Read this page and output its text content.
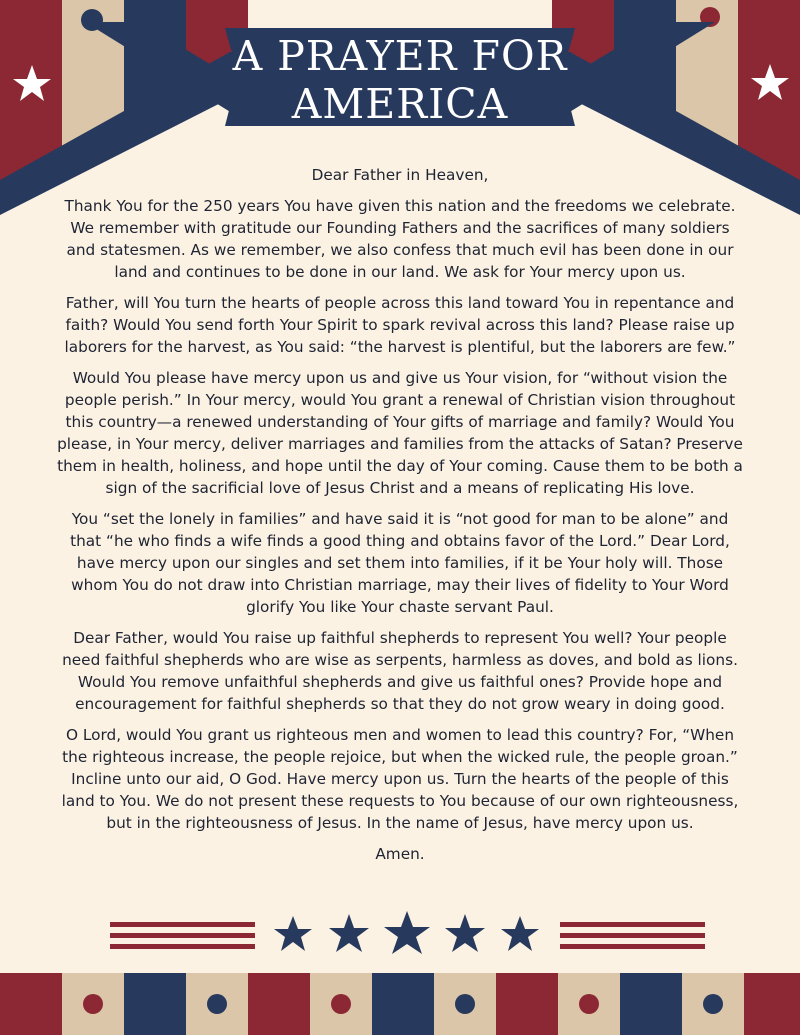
A PRAYER FOR
AMERICA

Dear Father in Heaven,

Thank You for the 250 years You have given this nation and the freedoms we celebrate. We remember with gratitude our Founding Fathers and the sacrifices of many soldiers and statesmen. As we remember, we also confess that much evil has been done in our land and continues to be done in our land. We ask for Your mercy upon us.

Father, will You turn the hearts of people across this land toward You in repentance and faith? Would You send forth Your Spirit to spark revival across this land? Please raise up laborers for the harvest, as You said: “the harvest is plentiful, but the laborers are few.”

Would You please have mercy upon us and give us Your vision, for “without vision the people perish.” In Your mercy, would You grant a renewal of Christian vision throughout this country—a renewed understanding of Your gifts of marriage and family? Would You please, in Your mercy, deliver marriages and families from the attacks of Satan? Preserve them in health, holiness, and hope until the day of Your coming. Cause them to be both a sign of the sacrificial love of Jesus Christ and a means of replicating His love.

You “set the lonely in families” and have said it is “not good for man to be alone” and that “he who finds a wife finds a good thing and obtains favor of the Lord.” Dear Lord, have mercy upon our singles and set them into families, if it be Your holy will. Those whom You do not draw into Christian marriage, may their lives of fidelity to Your Word glorify You like Your chaste servant Paul.

Dear Father, would You raise up faithful shepherds to represent You well? Your people need faithful shepherds who are wise as serpents, harmless as doves, and bold as lions. Would You remove unfaithful shepherds and give us faithful ones? Provide hope and encouragement for faithful shepherds so that they do not grow weary in doing good.

O Lord, would You grant us righteous men and women to lead this country? For, “When the righteous increase, the people rejoice, but when the wicked rule, the people groan.” Incline unto our aid, O God. Have mercy upon us. Turn the hearts of the people of this land to You. We do not present these requests to You because of our own righteousness, but in the righteousness of Jesus. In the name of Jesus, have mercy upon us.

Amen.
